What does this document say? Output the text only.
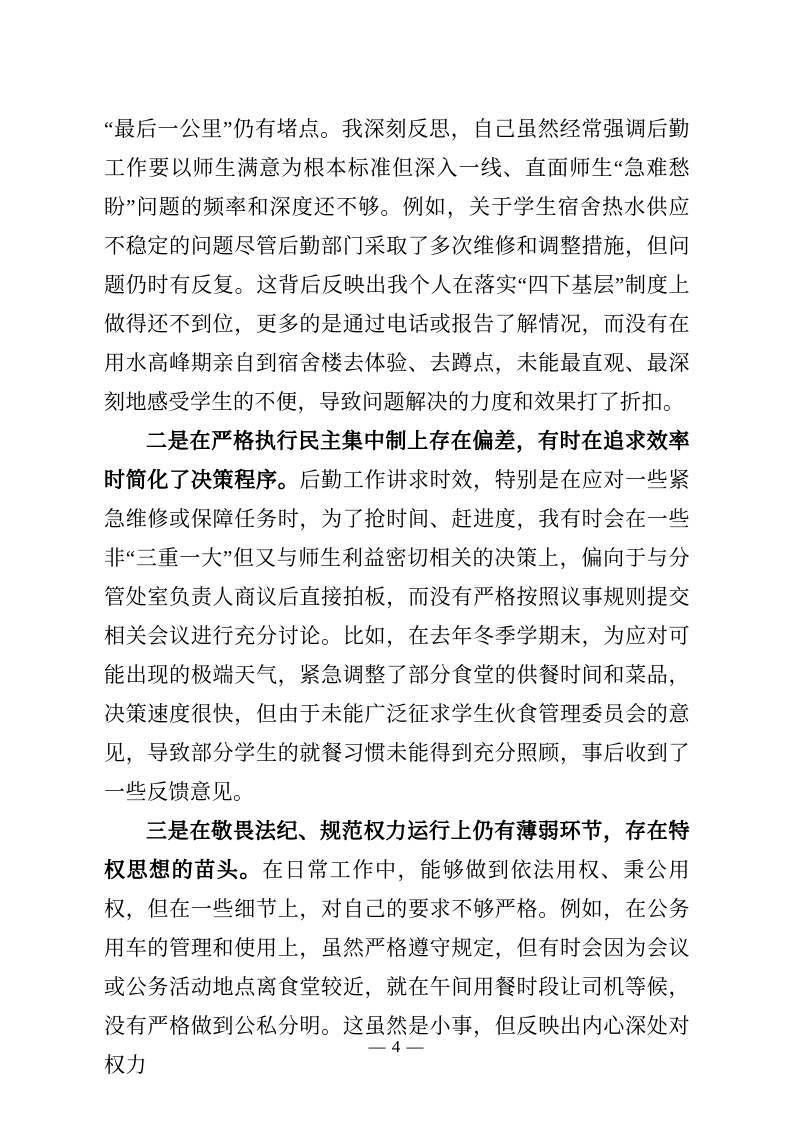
“最后一公里”仍有堵点。我深刻反思，自己虽然经常强调后勤工作要以师生满意为根本标准但深入一线、直面师生“急难愁盼”问题的频率和深度还不够。例如，关于学生宿舍热水供应不稳定的问题尽管后勤部门采取了多次维修和调整措施，但问题仍时有反复。这背后反映出我个人在落实“四下基层”制度上做得还不到位，更多的是通过电话或报告了解情况，而没有在用水高峰期亲自到宿舍楼去体验、去蹲点，未能最直观、最深刻地感受学生的不便，导致问题解决的力度和效果打了折扣。

二是在严格执行民主集中制上存在偏差，有时在追求效率时简化了决策程序。后勤工作讲求时效，特别是在应对一些紧急维修或保障任务时，为了抢时间、赶进度，我有时会在一些非“三重一大”但又与师生利益密切相关的决策上，偏向于与分管处室负责人商议后直接拍板，而没有严格按照议事规则提交相关会议进行充分讨论。比如，在去年冬季学期末，为应对可能出现的极端天气，紧急调整了部分食堂的供餐时间和菜品，决策速度很快，但由于未能广泛征求学生伙食管理委员会的意见，导致部分学生的就餐习惯未能得到充分照顾，事后收到了一些反馈意见。

三是在敬畏法纪、规范权力运行上仍有薄弱环节，存在特权思想的苗头。在日常工作中，能够做到依法用权、秉公用权，但在一些细节上，对自己的要求不够严格。例如，在公务用车的管理和使用上，虽然严格遵守规定，但有时会因为会议或公务活动地点离食堂较近，就在午间用餐时段让司机等候，没有严格做到公私分明。这虽然是小事，但反映出内心深处对权力

— 4 —
